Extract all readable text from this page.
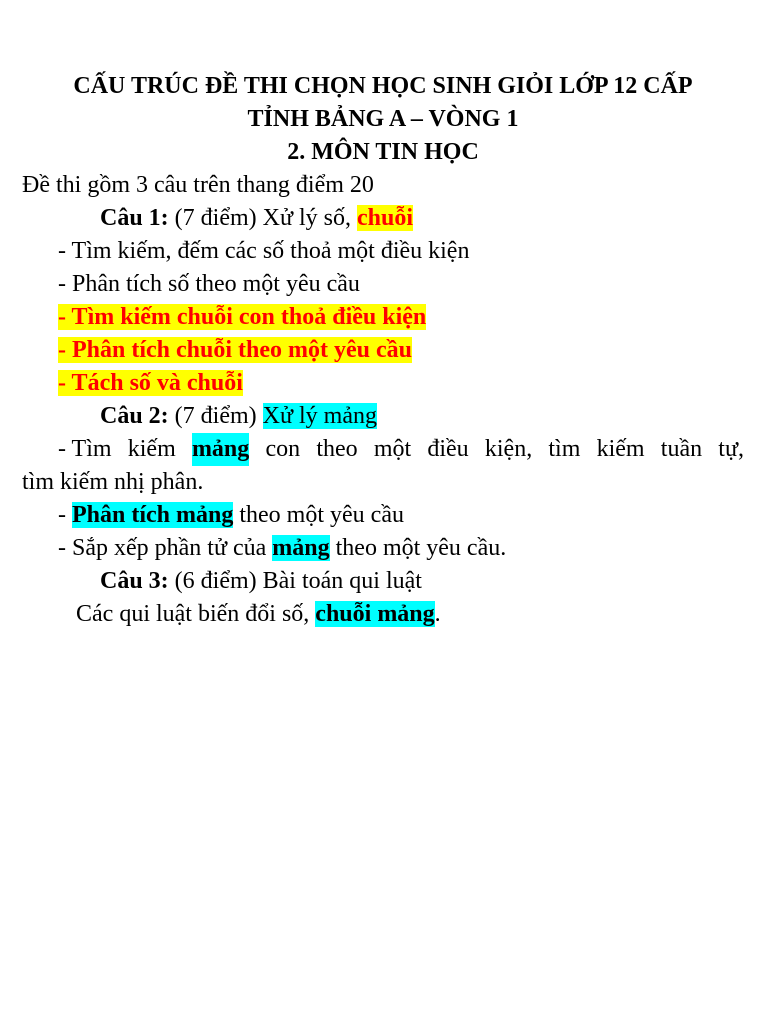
CẤU TRÚC ĐỀ THI CHỌN HỌC SINH GIỎI LỚP 12 CẤP
TỈNH BẢNG A – VÒNG 1
2. MÔN TIN HỌC
Đề thi gồm 3 câu trên thang điểm 20
Câu 1: (7 điểm) Xử lý số, chuỗi
- Tìm kiếm, đếm các số thoả một điều kiện
- Phân tích số theo một yêu cầu
- Tìm kiếm chuỗi con thoả điều kiện
- Phân tích chuỗi theo một yêu cầu
- Tách số và chuỗi
Câu 2: (7 điểm) Xử lý mảng
- Tìm kiếm mảng con theo một điều kiện, tìm kiếm tuần tự,
tìm kiếm nhị phân.
- Phân tích mảng theo một yêu cầu
- Sắp xếp phần tử của mảng theo một yêu cầu.
Câu 3: (6 điểm) Bài toán qui luật
Các qui luật biến đổi số, chuỗi mảng.
